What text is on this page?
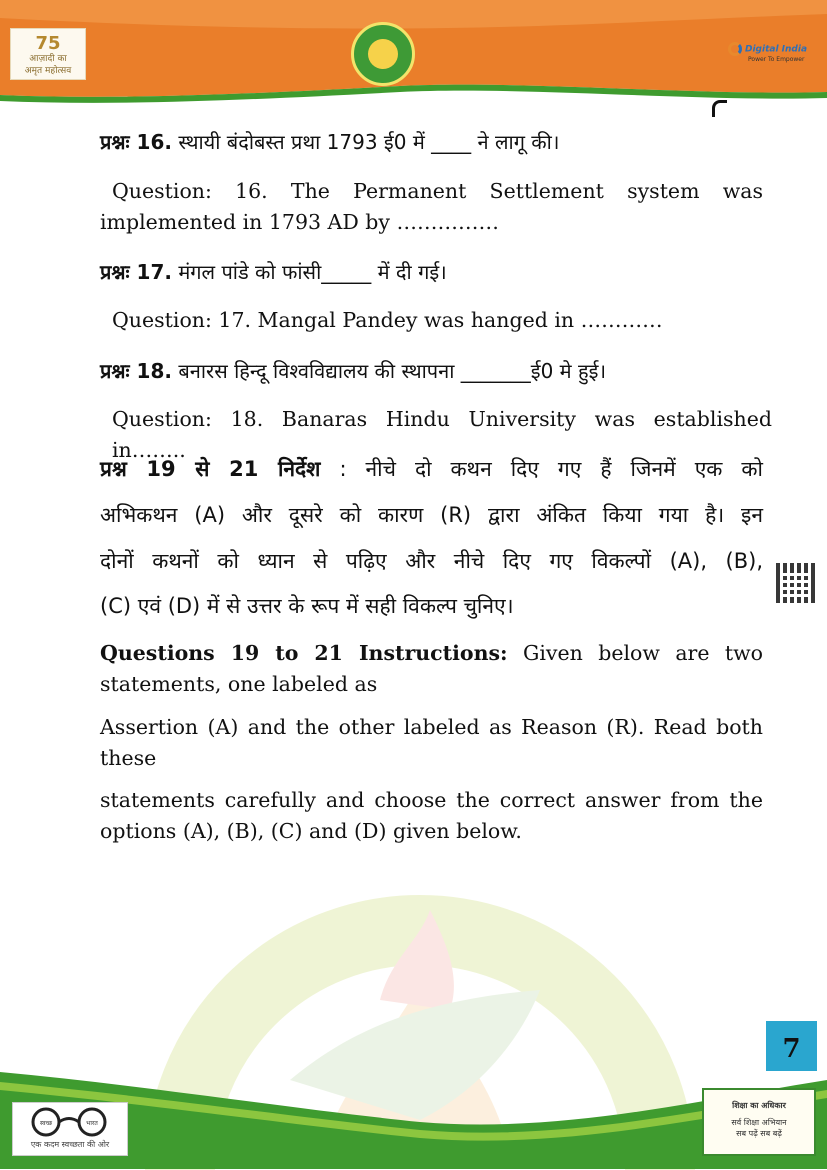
75
आज़ादी का
अमृत महोत्सव
Digital India
Power To Empower
प्रश्नः 16. स्थायी बंदोबस्त प्रथा 1793 ई0 में ____ ने लागू की।
Question: 16. The Permanent Settlement system was
implemented in 1793 AD by ……………
प्रश्नः 17. मंगल पांडे को फांसी_____ में दी गई।
Question: 17. Mangal Pandey was hanged in …………
प्रश्नः 18. बनारस हिन्दू विश्वविद्यालय की स्थापना _______ई0 मे हुई।
Question: 18. Banaras Hindu University was established in……..
प्रश्न 19 से 21 निर्देश : नीचे दो कथन दिए गए हैं जिनमें एक को
अभिकथन (A) और दूसरे को कारण (R) द्वारा अंकित किया गया है। इन
दोनों कथनों को ध्यान से पढ़िए और नीचे दिए गए विकल्पों (A), (B),
(C) एवं (D) में से उत्तर के रूप में सही विकल्प चुनिए।
Questions 19 to 21 Instructions: Given below are two
statements, one labeled as
Assertion (A) and the other labeled as Reason (R). Read both
these
statements carefully and choose the correct answer from the
options (A), (B), (C) and (D) given below.
7
एक कदम स्वच्छता की ओर
स्वच्छ	भारत
शिक्षा का अधिकार
सर्व शिक्षा अभियान
सब पढ़ें सब बढ़ें
